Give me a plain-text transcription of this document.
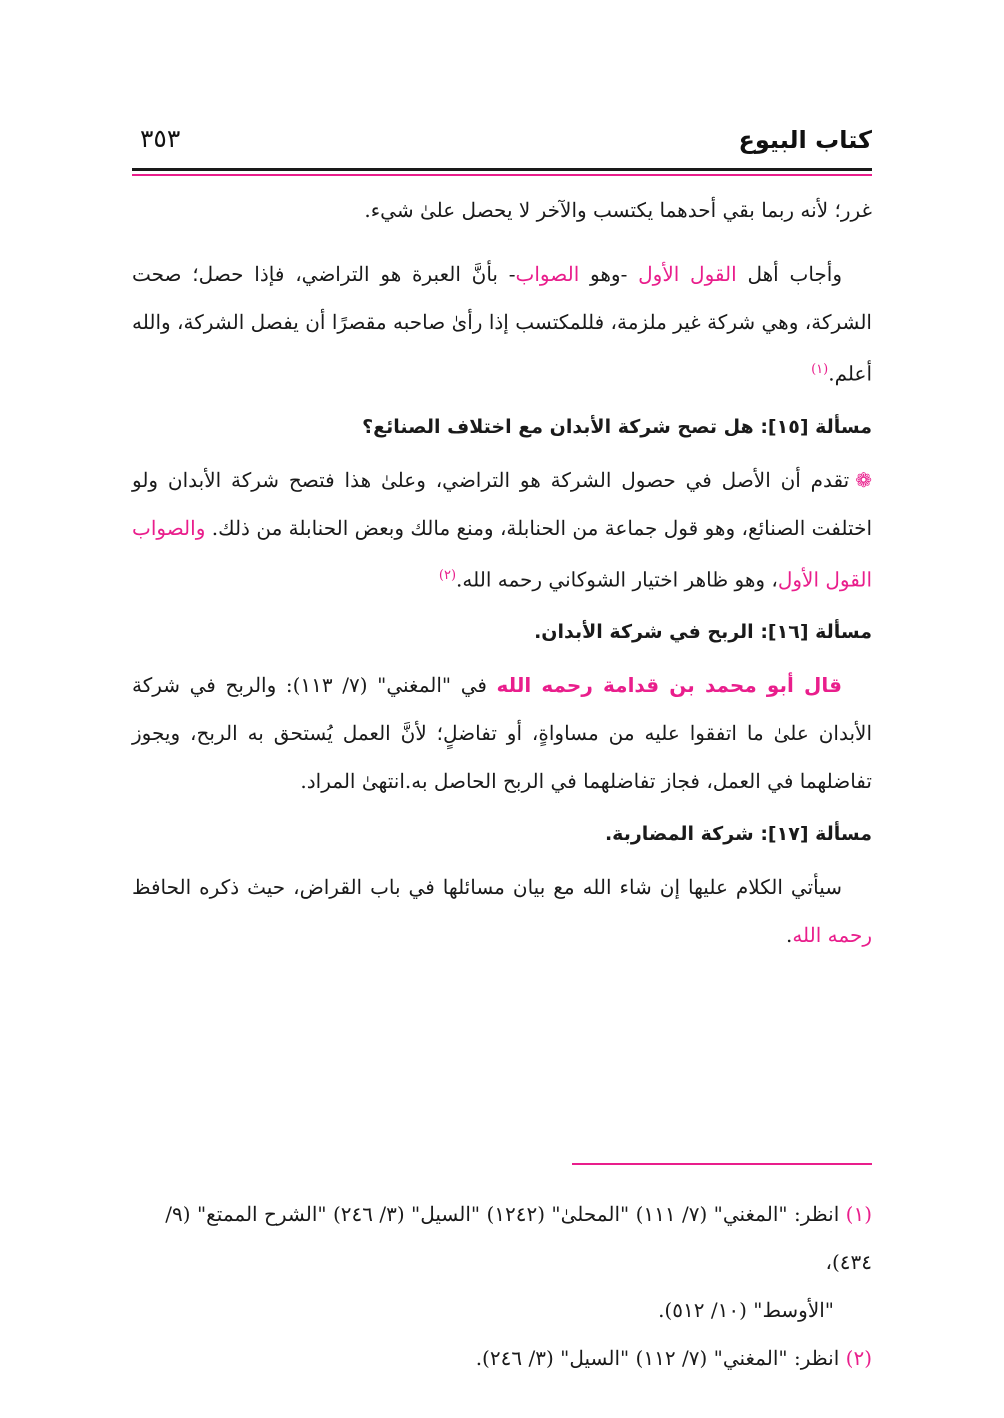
كتاب البيوع
٣٥٣

غرر؛ لأنه ربما بقي أحدهما يكتسب والآخر لا يحصل علىٰ شيء.

وأجاب أهل القول الأول -وهو الصواب- بأنَّ العبرة هو التراضي، فإذا حصل؛ صحت الشركة، وهي شركة غير ملزمة، فللمكتسب إذا رأىٰ صاحبه مقصرًا أن يفصل الشركة، والله أعلم.$^{(١)}$

مسألة [١٥]: هل تصح شركة الأبدان مع اختلاف الصنائع؟

❁تقدم أن الأصل في حصول الشركة هو التراضي، وعلىٰ هذا فتصح شركة الأبدان ولو اختلفت الصنائع، وهو قول جماعة من الحنابلة، ومنع مالك وبعض الحنابلة من ذلك. والصواب القول الأول، وهو ظاهر اختيار الشوكاني رحمه الله.$^{(٢)}$

مسألة [١٦]: الربح في شركة الأبدان.

قال أبو محمد بن قدامة رحمه الله في "المغني" (٧/ ١١٣): والربح في شركة الأبدان علىٰ ما اتفقوا عليه من مساواةٍ، أو تفاضلٍ؛ لأنَّ العمل يُستحق به الربح، ويجوز تفاضلهما في العمل، فجاز تفاضلهما في الربح الحاصل به.انتهىٰ المراد.

مسألة [١٧]: شركة المضاربة.

سيأتي الكلام عليها إن شاء الله مع بيان مسائلها في باب القراض، حيث ذكره الحافظ رحمه الله.

(١) انظر: "المغني" (٧/ ١١١) "المحلىٰ" (١٢٤٢) "السيل" (٣/ ٢٤٦) "الشرح الممتع" (٩/ ٤٣٤)،

"الأوسط" (١٠/ ٥١٢).

(٢) انظر: "المغني" (٧/ ١١٢) "السيل" (٣/ ٢٤٦).
